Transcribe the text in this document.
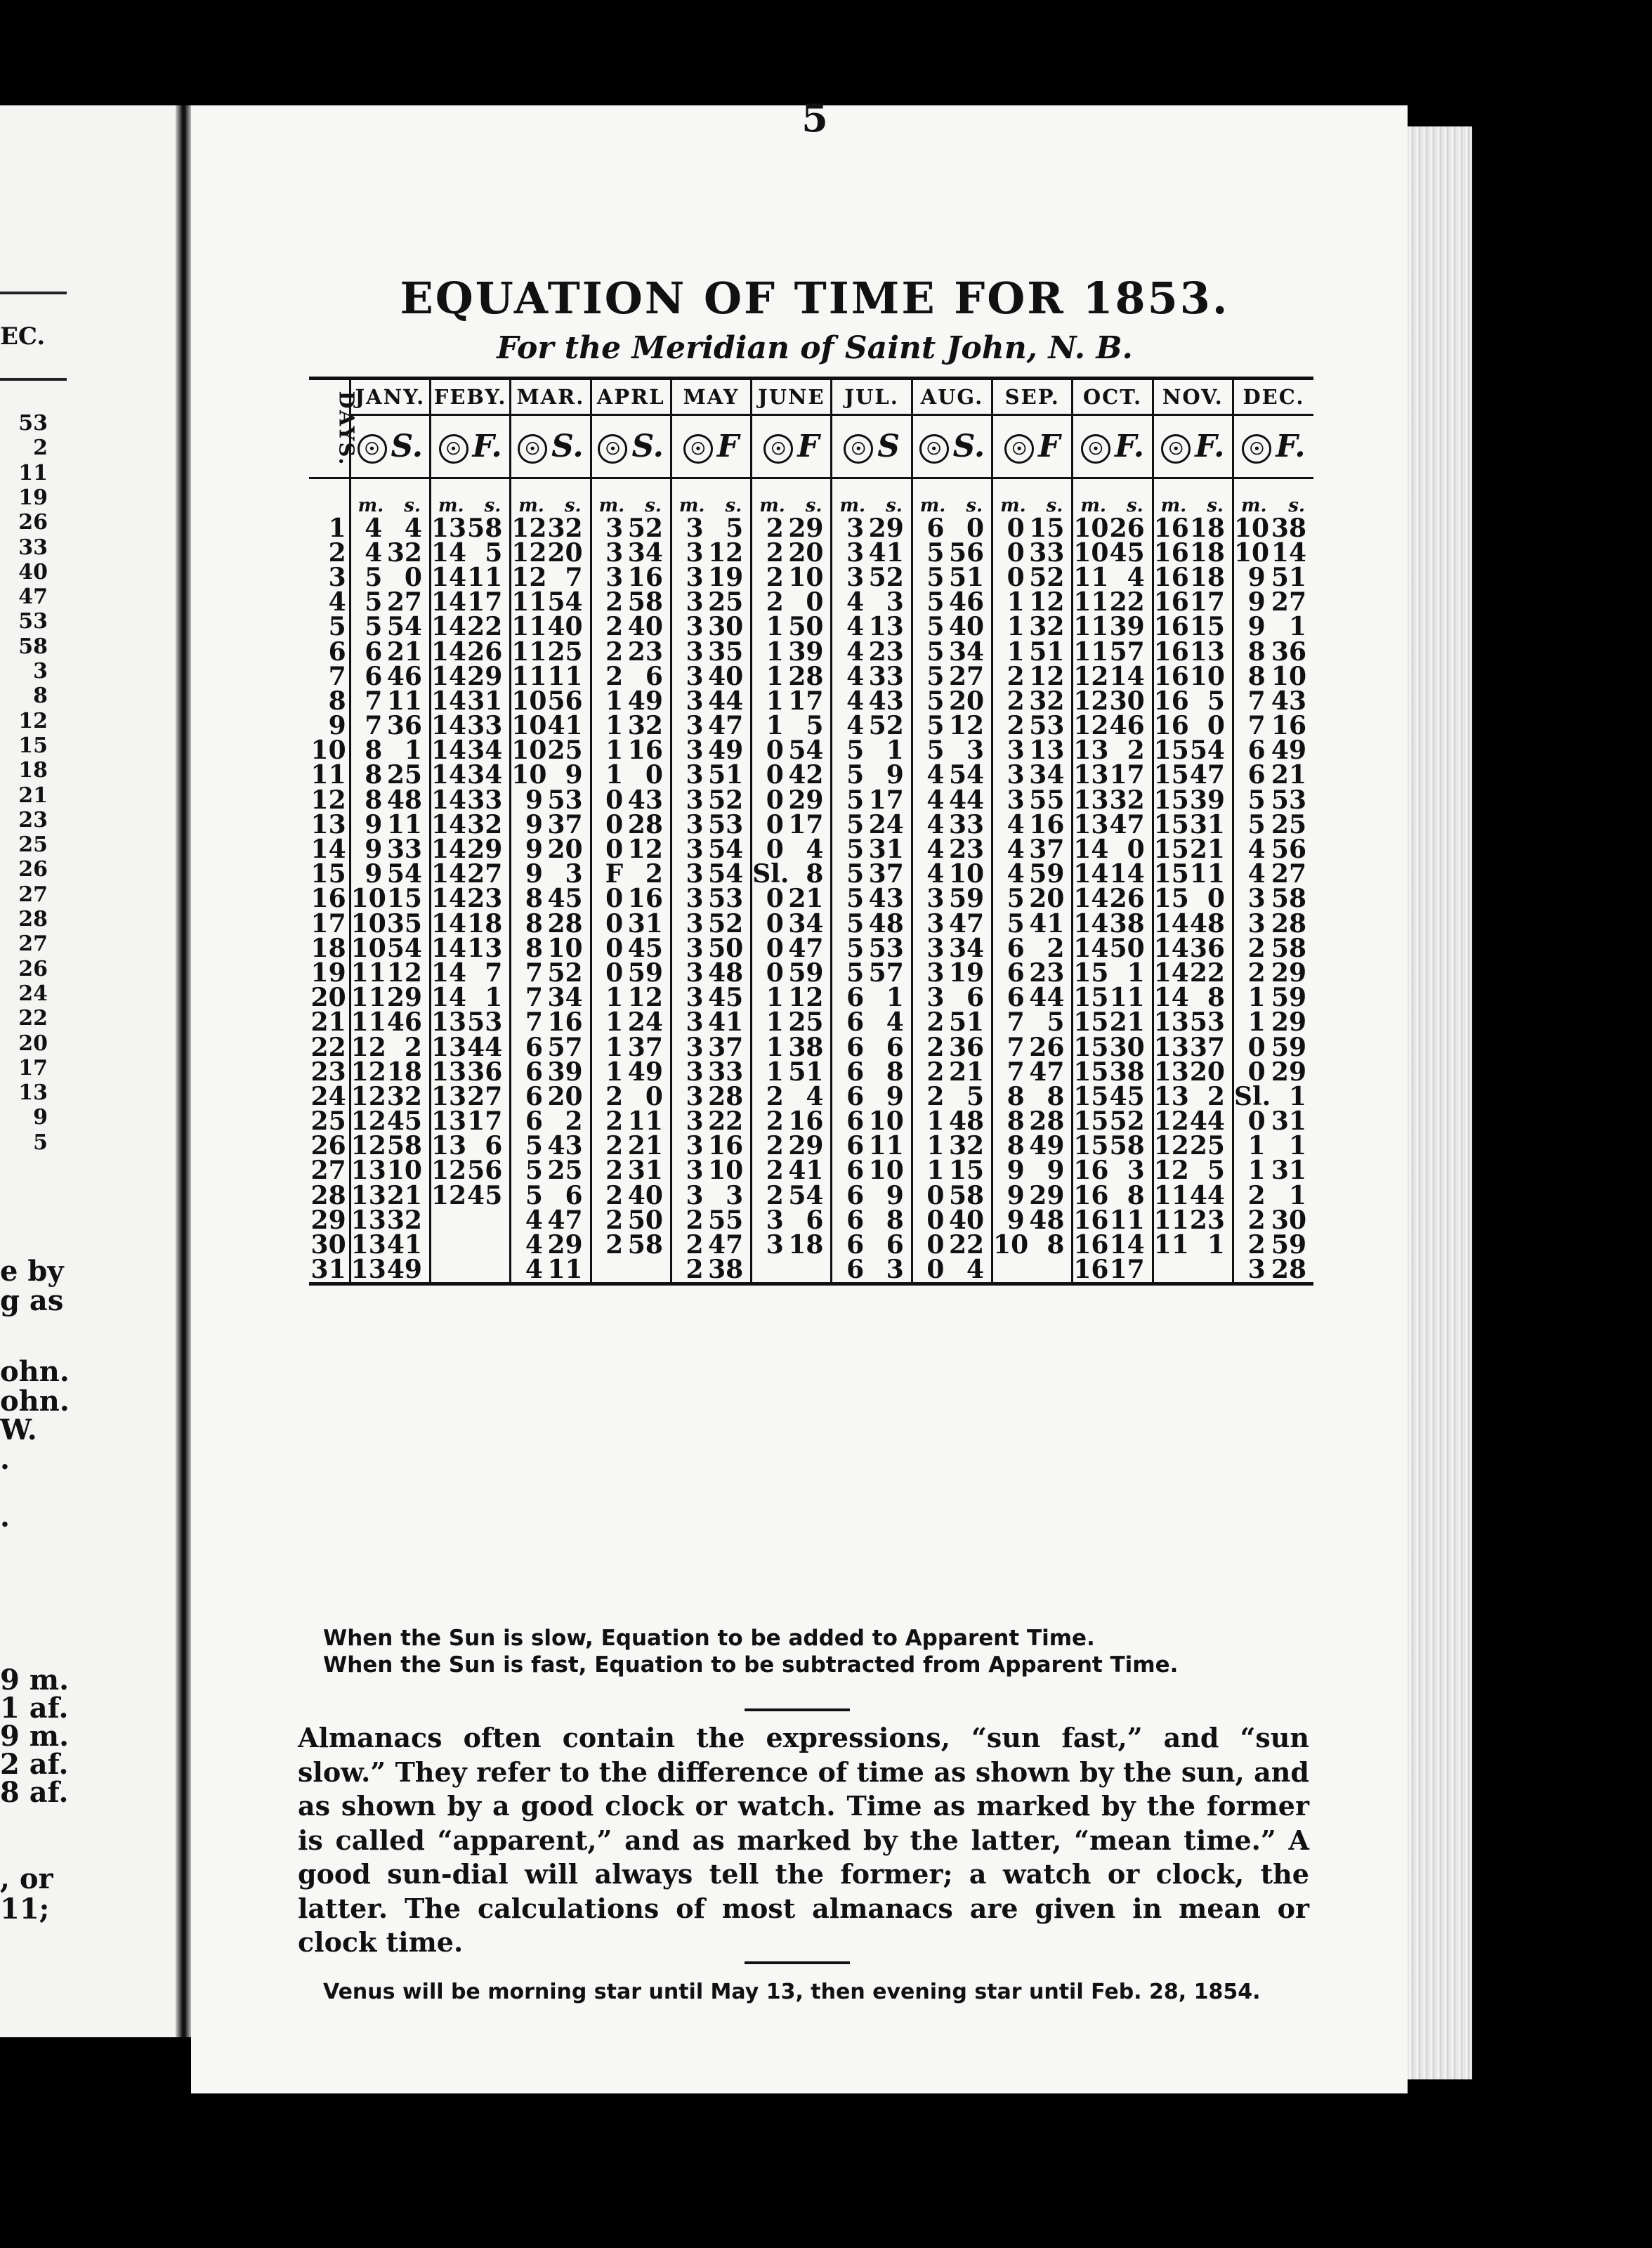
EC.
53
2
11
19
26
33
40
47
53
58
3
8
12
15
18
21
23
25
26
27
28
27
26
24
22
20
17
13
9
5
e by
g as
ohn.
ohn.
W.
.
.
9 m.
1 af.
9 m.
2 af.
8 af.
, or
11;
5
EQUATION OF TIME FOR 1853.
For the Meridian of Saint John, N. B.
DAYS.	JANY.		FEBY.		MAR.		APRL		MAY		JUNE		JUL.		AUG.		SEP.		OCT.		NOV.		DEC.	
	☉ S.		☉ F.		☉ S.		☉ S.		☉ F		☉ F		☉ S		☉ S.		☉ F		☉ F.		☉ F.		☉ F.	
	m.	s.	m.	s.	m.	s.	m.	s.	m.	s.	m.	s.	m.	s.	m.	s.	m.	s.	m.	s.	m.	s.	m.	s.
1	4	4	13	58	12	32	3	52	3	5	2	29	3	29	6	0	0	15	10	26	16	18	10	38
2	4	32	14	5	12	20	3	34	3	12	2	20	3	41	5	56	0	33	10	45	16	18	10	14
3	5	0	14	11	12	7	3	16	3	19	2	10	3	52	5	51	0	52	11	4	16	18	9	51
4	5	27	14	17	11	54	2	58	3	25	2	0	4	3	5	46	1	12	11	22	16	17	9	27
5	5	54	14	22	11	40	2	40	3	30	1	50	4	13	5	40	1	32	11	39	16	15	9	1
6	6	21	14	26	11	25	2	23	3	35	1	39	4	23	5	34	1	51	11	57	16	13	8	36
7	6	46	14	29	11	11	2	6	3	40	1	28	4	33	5	27	2	12	12	14	16	10	8	10
8	7	11	14	31	10	56	1	49	3	44	1	17	4	43	5	20	2	32	12	30	16	5	7	43
9	7	36	14	33	10	41	1	32	3	47	1	5	4	52	5	12	2	53	12	46	16	0	7	16
10	8	1	14	34	10	25	1	16	3	49	0	54	5	1	5	3	3	13	13	2	15	54	6	49
11	8	25	14	34	10	9	1	0	3	51	0	42	5	9	4	54	3	34	13	17	15	47	6	21
12	8	48	14	33	9	53	0	43	3	52	0	29	5	17	4	44	3	55	13	32	15	39	5	53
13	9	11	14	32	9	37	0	28	3	53	0	17	5	24	4	33	4	16	13	47	15	31	5	25
14	9	33	14	29	9	20	0	12	3	54	0	4	5	31	4	23	4	37	14	0	15	21	4	56
15	9	54	14	27	9	3	F	2	3	54	Sl.	8	5	37	4	10	4	59	14	14	15	11	4	27
16	10	15	14	23	8	45	0	16	3	53	0	21	5	43	3	59	5	20	14	26	15	0	3	58
17	10	35	14	18	8	28	0	31	3	52	0	34	5	48	3	47	5	41	14	38	14	48	3	28
18	10	54	14	13	8	10	0	45	3	50	0	47	5	53	3	34	6	2	14	50	14	36	2	58
19	11	12	14	7	7	52	0	59	3	48	0	59	5	57	3	19	6	23	15	1	14	22	2	29
20	11	29	14	1	7	34	1	12	3	45	1	12	6	1	3	6	6	44	15	11	14	8	1	59
21	11	46	13	53	7	16	1	24	3	41	1	25	6	4	2	51	7	5	15	21	13	53	1	29
22	12	2	13	44	6	57	1	37	3	37	1	38	6	6	2	36	7	26	15	30	13	37	0	59
23	12	18	13	36	6	39	1	49	3	33	1	51	6	8	2	21	7	47	15	38	13	20	0	29
24	12	32	13	27	6	20	2	0	3	28	2	4	6	9	2	5	8	8	15	45	13	2	Sl.	1
25	12	45	13	17	6	2	2	11	3	22	2	16	6	10	1	48	8	28	15	52	12	44	0	31
26	12	58	13	6	5	43	2	21	3	16	2	29	6	11	1	32	8	49	15	58	12	25	1	1
27	13	10	12	56	5	25	2	31	3	10	2	41	6	10	1	15	9	9	16	3	12	5	1	31
28	13	21	12	45	5	6	2	40	3	3	2	54	6	9	0	58	9	29	16	8	11	44	2	1
29	13	32			4	47	2	50	2	55	3	6	6	8	0	40	9	48	16	11	11	23	2	30
30	13	41			4	29	2	58	2	47	3	18	6	6	0	22	10	8	16	14	11	1	2	59
31	13	49			4	11			2	38			6	3	0	4			16	17			3	28

When the Sun is slow, Equation to be added to Apparent Time.
When the Sun is fast, Equation to be subtracted from Apparent Time.
Almanacs often contain the expressions, “sun fast,” and “sun slow.” They refer to the difference of time as shown by the sun, and as shown by a good clock or watch. Time as marked by the former is called “apparent,” and as marked by the latter, “mean time.” A good sun-dial will always tell the former; a watch or clock, the latter. The calculations of most almanacs are given in mean or clock time.
Venus will be morning star until May 13, then evening star until Feb. 28, 1854.
